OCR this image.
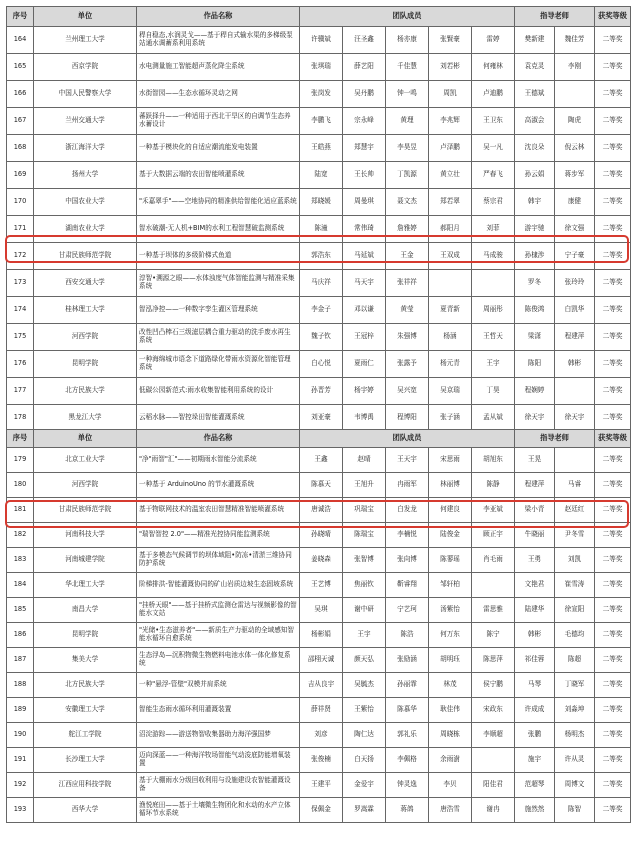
序号	单位	作品名称	团队成员					指导老师		获奖等级
164	兰州理工大学	稈自稳态,水润灵戈——基于稈自式输水渠的多梯级泵站通水调蓄系利用系统	许骥斌	汪圣鑫	杨亦康	张賢豪	雷婷	樊新建	魏佳芳	二等奖
165	西京学院	水电测量施工智能超声蒸化降尘系统	张琪瑞	薛艺阳	千佳慧	刘若彬	何雍林	袁克灵	李刚	二等奖
166	中国人民警察大学	水街智园——生态水循环灵动之网	张岗发	吴丹鹏	钟一鸣	周凯	卢迪鹏	王德斌		二等奖
167	兰州交通大学	蕃跃择升——一种适用于西北干旱区的自调节生态养水蓄设计	李鹏飞	宗永峰	黄理	李兆辉	王卫东	高淑会	陶虎	二等奖
168	浙江海洋大学	一种基于模块化的自适应潮流能发电装置	王皓燕	郑慧宇	李昊昱	卢泽鹏	吴一凡	沈良朵	倪云林	二等奖
169	扬州大学	基于大数据云端的农田智能喷灌系统	陆宽	王长帅	丁凯源	黄立壮	严春飞	孙云娟	蒋步军	二等奖
170	中国农业大学	"禾嘉翠手"——空地协同的精准供给智能化适应蓝系统	郑晓媛	周曼琪	聂文杰	郑若翠	蔡宗君	韩宇	康健	二等奖
171	湖南农业大学	智水破潮-无人机+BIM的水利工程智慧破监测系统	陈潼	常伟琦	詹雅婷	郝阳月	刘菲	游宇驰	徐文强	二等奖
172	甘肃民族师范学院	一种基于坝体的多级阶梯式鱼道	郭浩东	马延斌	王金	王双成	马成骏	孙棣渉	宁子豪	二等奖
173	西安交通大学	淳智•溯源之眼——水体浊度气体智能监测与精准采集系统	马庆祥	马天宇	张祥祥			罗冬	张玲玲	二等奖
174	桂林理工大学	智泓净控——一种数字孪生灌区管理系统	李金子	邓以谦	黄莹	夏青新	周丽彤	陈俊鸿	白凯华	二等奖
175	河西学院	改性凹凸棒石三级滤层耦合重力驱动的洗手废水再生系统	魏子钦	王冠梓	朱强博	杨涵	王哲天	梁潇	程建萍	二等奖
176	昆明学院	一种海绵城市语念下道路绿化带雨水资源化智能管理系统	白心悦	夏雨仁	张露予	杨元青	王宇	陈阳	韩彬	二等奖
177	北方民族大学	低碳公园新范式:雨水收集智能利用系统的设计	孙晋芳	杨宇婷	吴兴宽	吴京瑞	丁昊	程娴婷		二等奖
178	黑龙江大学	云稻水脉——智控垛田智能灌溉系统	刘亚豪	韦博禹	程博阳	张子涵	孟从斌	徐天宇	徐天宇	二等奖
序号	单位	作品名称	团队成员					指导老师		获奖等级
179	北京工业大学	"净"雨智"汇"——初期雨水智能分流系统	王鑫	赵晴	王天宇	宋思雨	胡旭东	王晃		二等奖
180	河西学院	一种基于 ArduinoUno 的节水灌溉系统	陈慕天	王旭升	冉雨军	林丽博	陈静	程建萍	马睿	二等奖
181	甘肃民族师范学院	基于物联网技术的温室农田智慧精准智能喷灌系统	唐诚浩	巩瑞宝	白发龙	何建良	李亚斌	梁小青	赵廷红	二等奖
182	河南科技大学	"瑞智智控 2.0"——精准光控协同能监测系统	孙晓晴	陈瑞宝	李楠悦	陆俊金	顾正宇	牛晓丽	尹冬雪	二等奖
183	河南城建学院	基于多模态气候调节的坝体域阻•防冻•清淤三维协同防护系统	姜晓森	张智博	张向博	陈蓼瑶	肖毛雨	王勇	刘凯	二等奖
184	华北理工大学	阶梯排洪-智能灌溉协同的矿山岩质边坡生态固坡系统	王艺博	焦丽钦	靳睿翔	邹轩柏		文艳君	崔雪涛	二等奖
185	南昌大学	"挂桥天眼"——基于挂桥式监测仓雷达与视频影像的智能水文站	吴琪	谢中研	宁艺珂	汤紫怡	雷思雅	陆建华	徐宣阳	二等奖
186	昆明学院	"光储•生态滋养者"——新质生产力驱动的全域感知智能水循环自愈系统	杨彬娟	王宇	陈浩	何万东	陈宁	韩彬	毛德均	二等奖
187	集美大学	生态浮岛—沉积物微生物燃料电池水体一体化修复系统	邵栩天诚	颜天弘	张励涵	胡明珏	陈思萍	祁佳蓉	陈超	二等奖
188	北方民族大学	一种"悬浮-管壁"双模并肩系统	吉从良宇	吴毓杰	孙丽霏	林茂	侯宁鹏	马琴	丁晓军	二等奖
189	安徽理工大学	智能生态雨水循环利用灌溉装置	薛祥贤	王紫怡	陈慕华	耿佳伟	宋政东	许成成	刘淼坤	二等奖
190	舵江工学院	沼淀游踪——游送物智收集器助力海洋强国梦	刘彦	陶仁达	郭礼乐	周晓栋	李顺超	张鹏	杨明杰	二等奖
191	长沙理工大学	迈向深蓝——一种海洋牧场智能气动浚底防能增氧装置	张俊楠	白天扬	李佩格	余雨澍		施宇	许从灵	二等奖
192	江西应用科技学院	基于大棚雨水分级回收利用与设施建设农智能灌溉设备	王建平	金爱宇	钟灵逸	李贝	阳佳君	范超琴	周博文	二等奖
193	西华大学	渔悦庭田——基于土壤微生物团化和水动的水产立体循环节水系统	保佩金	罗嵩霖	蒋鸽	唐浩雪	谢冉	施然然	陈智	二等奖
